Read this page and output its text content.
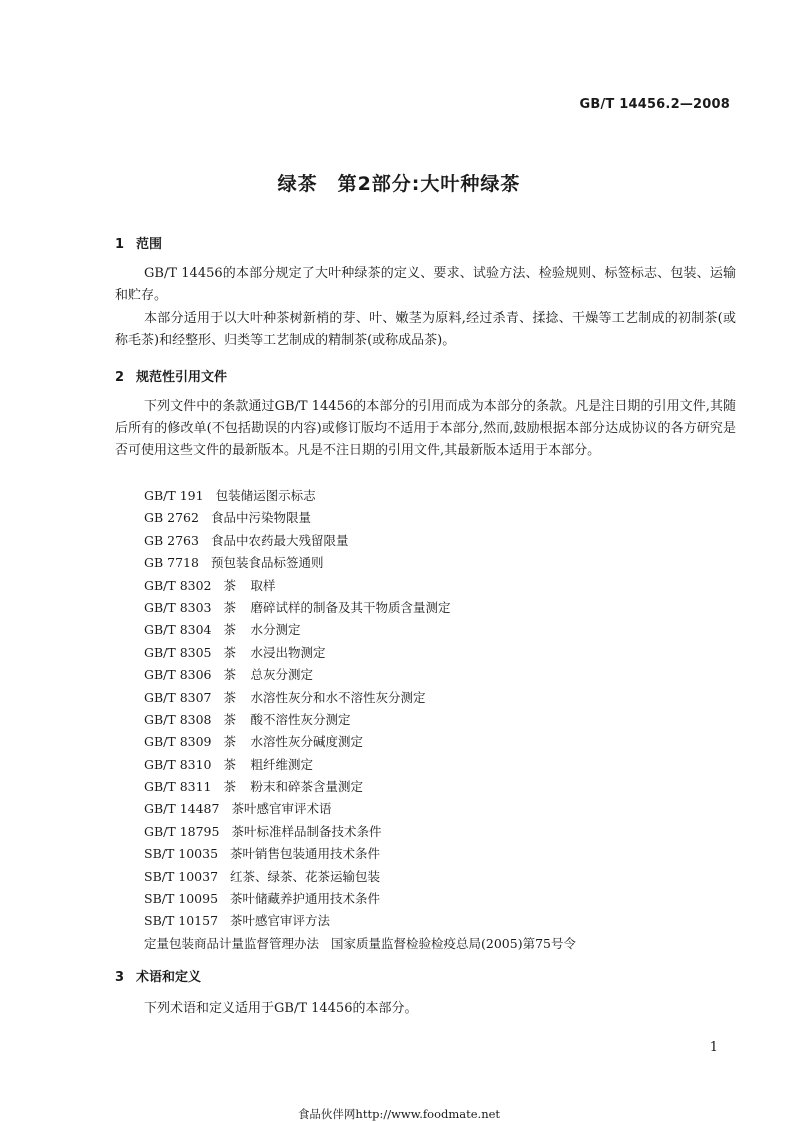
GB/T 14456.2—2008
绿茶　第2部分:大叶种绿茶
1 范围
GB/T 14456的本部分规定了大叶种绿茶的定义、要求、试验方法、检验规则、标签标志、包装、运输和贮存。
本部分适用于以大叶种茶树新梢的芽、叶、嫩茎为原料,经过杀青、揉捻、干燥等工艺制成的初制茶(或称毛茶)和经整形、归类等工艺制成的精制茶(或称成品茶)。
2 规范性引用文件
下列文件中的条款通过GB/T 14456的本部分的引用而成为本部分的条款。凡是注日期的引用文件,其随后所有的修改单(不包括勘误的内容)或修订版均不适用于本部分,然而,鼓励根据本部分达成协议的各方研究是否可使用这些文件的最新版本。凡是不注日期的引用文件,其最新版本适用于本部分。
GB/T 191 包装储运图示标志
GB 2762 食品中污染物限量
GB 2763 食品中农药最大残留限量
GB 7718 预包装食品标签通则
GB/T 8302 茶 取样
GB/T 8303 茶 磨碎试样的制备及其干物质含量测定
GB/T 8304 茶 水分测定
GB/T 8305 茶 水浸出物测定
GB/T 8306 茶 总灰分测定
GB/T 8307 茶 水溶性灰分和水不溶性灰分测定
GB/T 8308 茶 酸不溶性灰分测定
GB/T 8309 茶 水溶性灰分碱度测定
GB/T 8310 茶 粗纤维测定
GB/T 8311 茶 粉末和碎茶含量测定
GB/T 14487 茶叶感官审评术语
GB/T 18795 茶叶标准样品制备技术条件
SB/T 10035 茶叶销售包装通用技术条件
SB/T 10037 红茶、绿茶、花茶运输包装
SB/T 10095 茶叶储藏养护通用技术条件
SB/T 10157 茶叶感官审评方法
定量包装商品计量监督管理办法 国家质量监督检验检疫总局(2005)第75号令
3 术语和定义
下列术语和定义适用于GB/T 14456的本部分。
1
食品伙伴网http://www.foodmate.net
